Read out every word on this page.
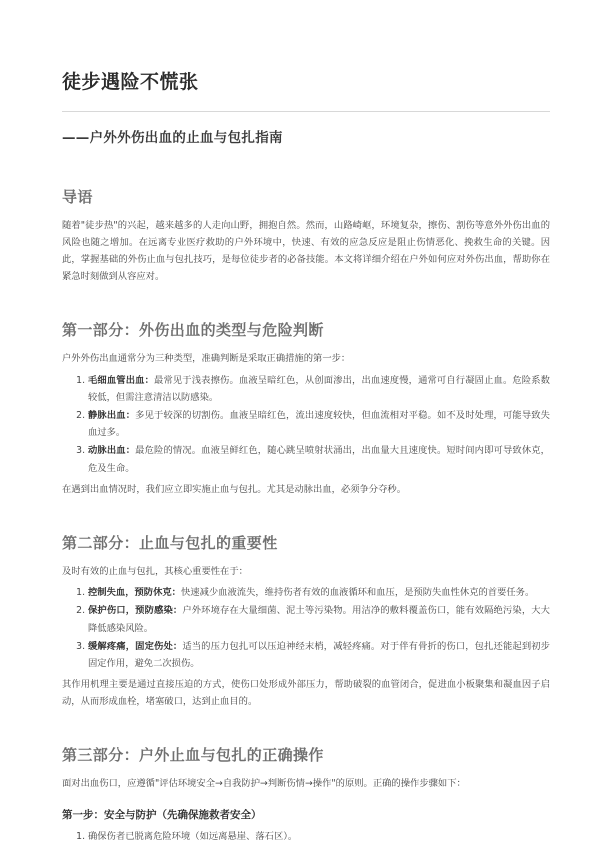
徒步遇险不慌张
——户外外伤出血的止血与包扎指南
导语

随着"徒步热"的兴起，越来越多的人走向山野，拥抱自然。然而，山路崎岖，环境复杂，擦伤、割伤等意外外伤出血的风险也随之增加。在远离专业医疗救助的户外环境中，快速、有效的应急反应是阻止伤情恶化、挽救生命的关键。因此，掌握基础的外伤止血与包扎技巧，是每位徒步者的必备技能。本文将详细介绍在户外如何应对外伤出血，帮助你在紧急时刻做到从容应对。

第一部分：外伤出血的类型与危险判断

户外外伤出血通常分为三种类型，准确判断是采取正确措施的第一步：

1. 毛细血管出血：最常见于浅表擦伤。血液呈暗红色，从创面渗出，出血速度慢，通常可自行凝固止血。危险系数较低，但需注意清洁以防感染。
2. 静脉出血：多见于较深的切割伤。血液呈暗红色，流出速度较快，但血流相对平稳。如不及时处理，可能导致失血过多。
3. 动脉出血：最危险的情况。血液呈鲜红色，随心跳呈喷射状涌出，出血量大且速度快。短时间内即可导致休克，危及生命。

在遇到出血情况时，我们应立即实施止血与包扎。尤其是动脉出血，必须争分夺秒。

第二部分：止血与包扎的重要性

及时有效的止血与包扎，其核心重要性在于：

1. 控制失血，预防休克：快速减少血液流失，维持伤者有效的血液循环和血压，是预防失血性休克的首要任务。
2. 保护伤口，预防感染：户外环境存在大量细菌、泥土等污染物。用洁净的敷料覆盖伤口，能有效隔绝污染，大大降低感染风险。
3. 缓解疼痛，固定伤处：适当的压力包扎可以压迫神经末梢，减轻疼痛。对于伴有骨折的伤口，包扎还能起到初步固定作用，避免二次损伤。

其作用机理主要是通过直接压迫的方式，使伤口处形成外部压力，帮助破裂的血管闭合，促进血小板聚集和凝血因子启动，从而形成血栓，堵塞破口，达到止血目的。

第三部分：户外止血与包扎的正确操作

面对出血伤口，应遵循"评估环境安全→自我防护→判断伤情→操作"的原则。正确的操作步骤如下：

第一步：安全与防护（先确保施救者安全）
1. 确保伤者已脱离危险环境（如远离悬崖、落石区）。
